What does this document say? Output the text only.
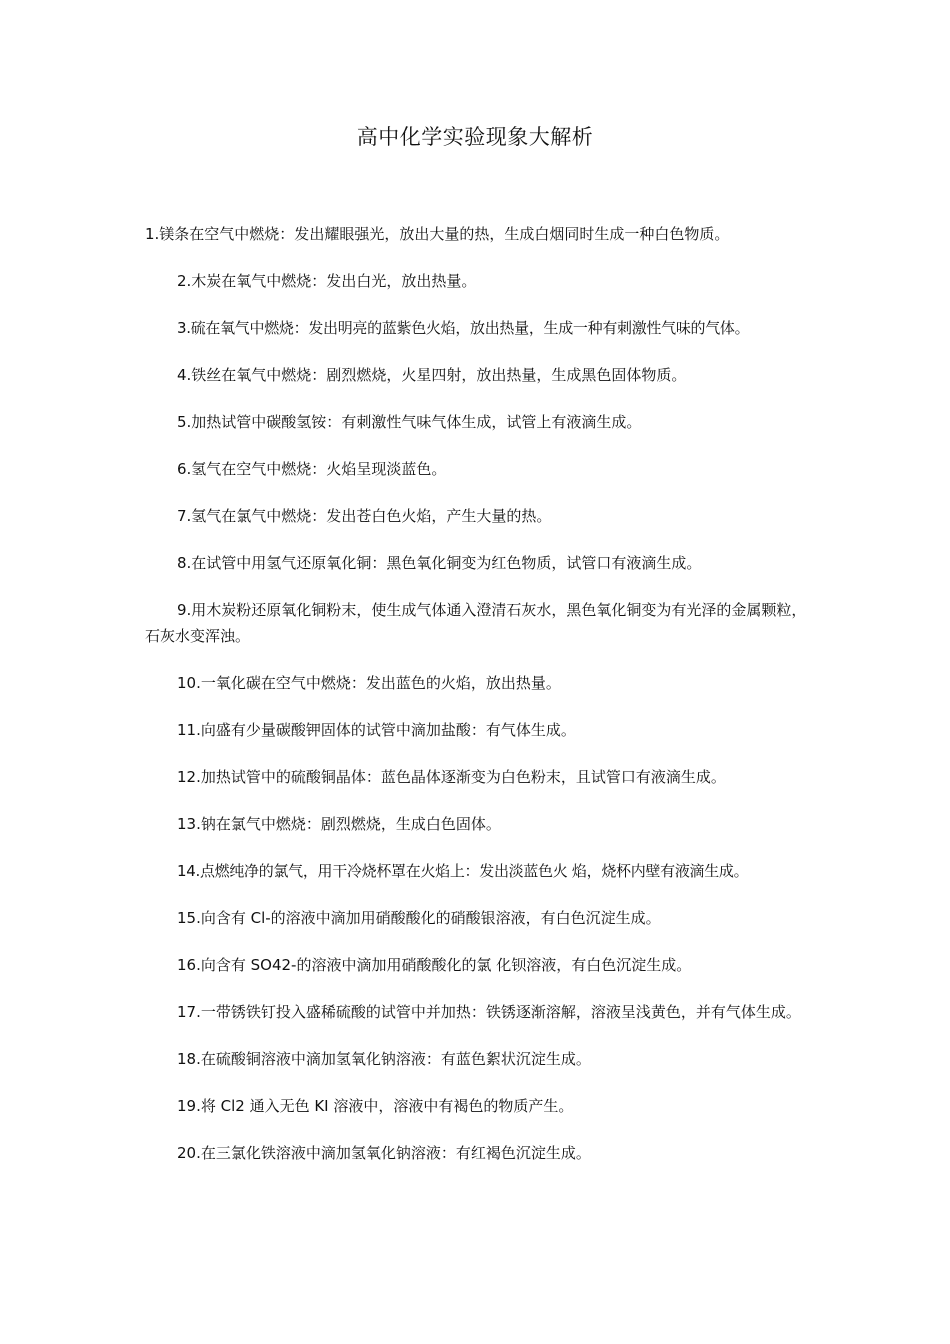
高中化学实验现象大解析

1.镁条在空气中燃烧：发出耀眼强光，放出大量的热，生成白烟同时生成一种白色物质。

2.木炭在氧气中燃烧：发出白光，放出热量。

3.硫在氧气中燃烧：发出明亮的蓝紫色火焰，放出热量，生成一种有刺激性气味的气体。

4.铁丝在氧气中燃烧：剧烈燃烧，火星四射，放出热量，生成黑色固体物质。

5.加热试管中碳酸氢铵：有刺激性气味气体生成，试管上有液滴生成。

6.氢气在空气中燃烧：火焰呈现淡蓝色。

7.氢气在氯气中燃烧：发出苍白色火焰，产生大量的热。

8.在试管中用氢气还原氧化铜：黑色氧化铜变为红色物质，试管口有液滴生成。

9.用木炭粉还原氧化铜粉末，使生成气体通入澄清石灰水，黑色氧化铜变为有光泽的金属颗粒，石灰水变浑浊。

10.一氧化碳在空气中燃烧：发出蓝色的火焰，放出热量。

11.向盛有少量碳酸钾固体的试管中滴加盐酸：有气体生成。

12.加热试管中的硫酸铜晶体：蓝色晶体逐渐变为白色粉末，且试管口有液滴生成。

13.钠在氯气中燃烧：剧烈燃烧，生成白色固体。

14.点燃纯净的氯气，用干冷烧杯罩在火焰上：发出淡蓝色火 焰，烧杯内壁有液滴生成。

15.向含有 Cl-的溶液中滴加用硝酸酸化的硝酸银溶液，有白色沉淀生成。

16.向含有 SO42-的溶液中滴加用硝酸酸化的氯 化钡溶液，有白色沉淀生成。

17.一带锈铁钉投入盛稀硫酸的试管中并加热：铁锈逐渐溶解，溶液呈浅黄色，并有气体生成。

18.在硫酸铜溶液中滴加氢氧化钠溶液：有蓝色絮状沉淀生成。

19.将 Cl2 通入无色 KI 溶液中，溶液中有褐色的物质产生。

20.在三氯化铁溶液中滴加氢氧化钠溶液：有红褐色沉淀生成。
